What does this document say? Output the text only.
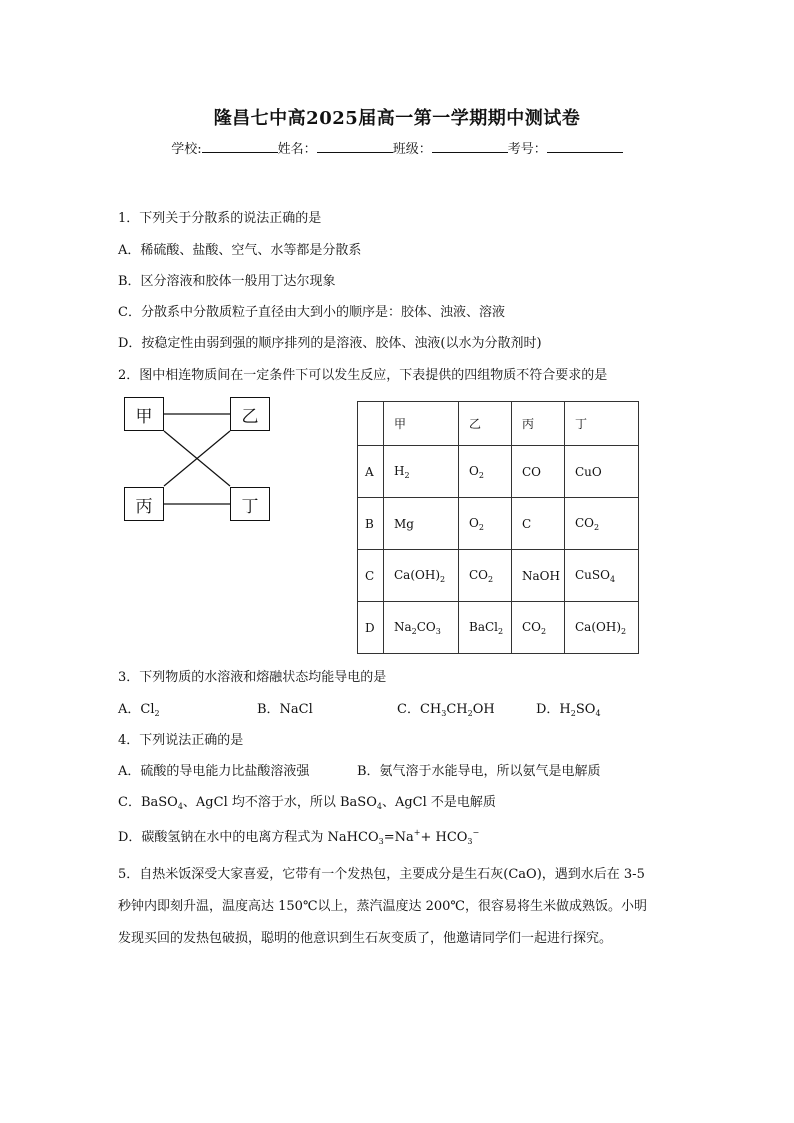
隆昌七中高2025届高一第一学期期中测试卷
学校:	姓名：	班级：	考号：
1．下列关于分散系的说法正确的是
A．稀硫酸、盐酸、空气、水等都是分散系
B．区分溶液和胶体一般用丁达尔现象
C．分散系中分散质粒子直径由大到小的顺序是：胶体、浊液、溶液
D．按稳定性由弱到强的顺序排列的是溶液、胶体、浊液(以水为分散剂时)
2．图中相连物质间在一定条件下可以发生反应，下表提供的四组物质不符合要求的是
甲	乙
丙	丁
	甲	乙	丙	丁
A	$H_2$	$O_2$	CO	CuO
B	Mg	$O_2$	C	$CO_2$
C	$Ca(OH)_2$	$CO_2$	NaOH	CuSO$_4$
D	$Na_2CO_3$	BaCl$_2$	$CO_2$	$Ca(OH)_2$
3．下列物质的水溶液和熔融状态均能导电的是
A．$Cl_2$	B．NaCl	C．$CH_3CH_2OH$	D．$H_2SO_4$
4．下列说法正确的是
A．硫酸的导电能力比盐酸溶液强	B．氨气溶于水能导电，所以氨气是电解质
C．BaSO$_4$、AgCl 均不溶于水，所以 BaSO$_4$、AgCl 不是电解质
D．碳酸氢钠在水中的电离方程式为 NaHCO$_3$=Na++ $HCO_3^-$
5．自热米饭深受大家喜爱，它带有一个发热包，主要成分是生石灰(CaO)，遇到水后在 3-5
秒钟内即刻升温，温度高达 150℃以上，蒸汽温度达 200℃，很容易将生米做成熟饭。小明
发现买回的发热包破损，聪明的他意识到生石灰变质了，他邀请同学们一起进行探究。
